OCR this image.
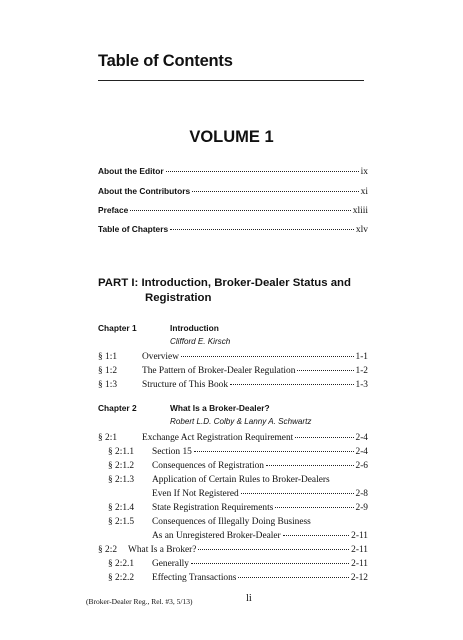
Table of Contents
VOLUME 1
About the Editor	ix
About the Contributors	xi
Preface	xliii
Table of Chapters	xlv
PART I: Introduction, Broker-Dealer Status and
Registration
Chapter 1	Introduction
Clifford E. Kirsch
§ 1:1	Overview	1-1
§ 1:2	The Pattern of Broker-Dealer Regulation	1-2
§ 1:3	Structure of This Book	1-3
Chapter 2	What Is a Broker-Dealer?
Robert L.D. Colby & Lanny A. Schwartz
§ 2:1	Exchange Act Registration Requirement	2-4
§ 2:1.1	Section 15	2-4
§ 2:1.2	Consequences of Registration	2-6
§ 2:1.3 Application of Certain Rules to Broker-Dealers
Even If Not Registered	2-8
§ 2:1.4	State Registration Requirements	2-9
§ 2:1.5 Consequences of Illegally Doing Business
As an Unregistered Broker-Dealer	2-11
§ 2:2	What Is a Broker?	2-11
§ 2:2.1	Generally	2-11
§ 2:2.2	Effecting Transactions	2-12
(Broker-Dealer Reg., Rel. #3, 5/13)	li
